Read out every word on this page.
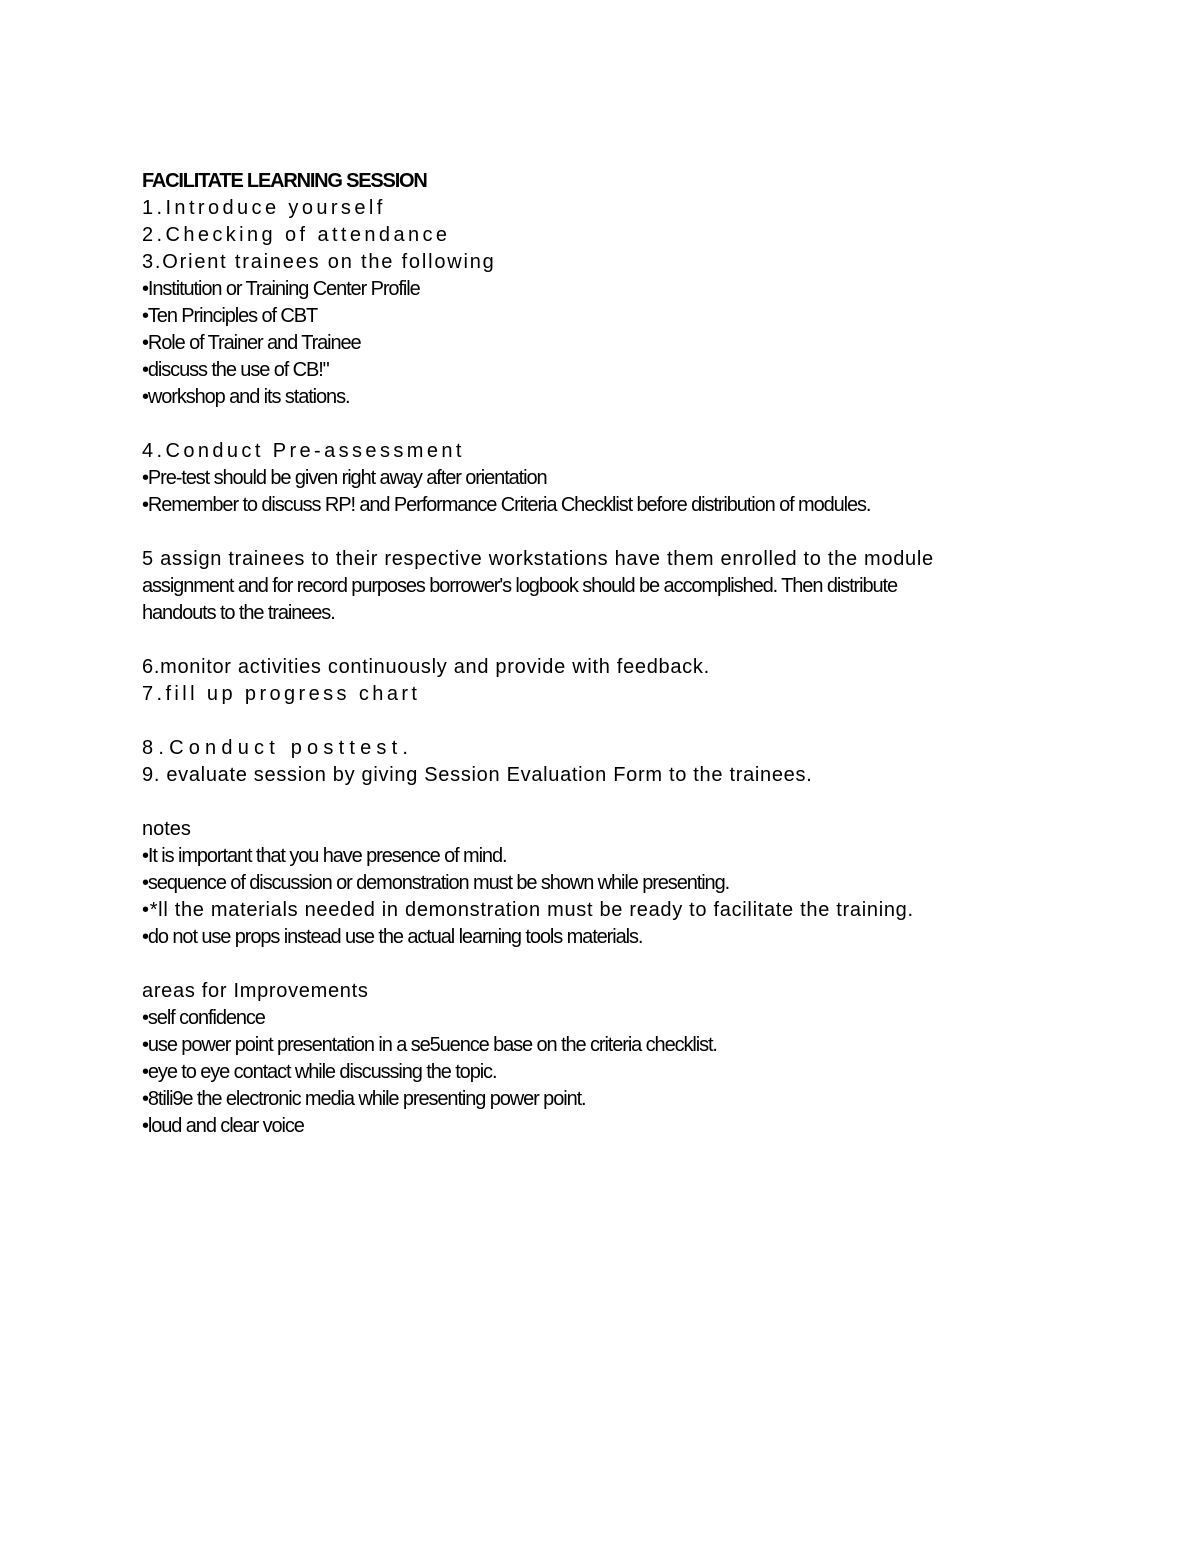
FACILITATE LEARNING SESSION
1.Introduce yourself
2.Checking of attendance
3.Orient trainees on the following
•Institution or Training Center Profile
•Ten Principles of CBT
•Role of Trainer and Trainee
•discuss the use of CB!"
•workshop and its stations.
4.Conduct Pre-assessment
•Pre-test should be given right away after orientation
•Remember to discuss RP! and Performance Criteria Checklist before distribution of modules.
5 assign trainees to their respective workstations have them enrolled to the module
assignment and for record purposes borrower's logbook should be accomplished. Then distribute
handouts to the trainees.
6.monitor activities continuously and provide with feedback.
7.fill up progress chart
8.Conduct posttest.
9. evaluate session by giving Session Evaluation Form to the trainees.
notes
•It is important that you have presence of mind.
•sequence of discussion or demonstration must be shown while presenting.
•*ll the materials needed in demonstration must be ready to facilitate the training.
•do not use props instead use the actual learning tools materials.
areas for Improvements
•self confidence
•use power point presentation in a se5uence base on the criteria checklist.
•eye to eye contact while discussing the topic.
•8tili9e the electronic media while presenting power point.
•loud and clear voice
